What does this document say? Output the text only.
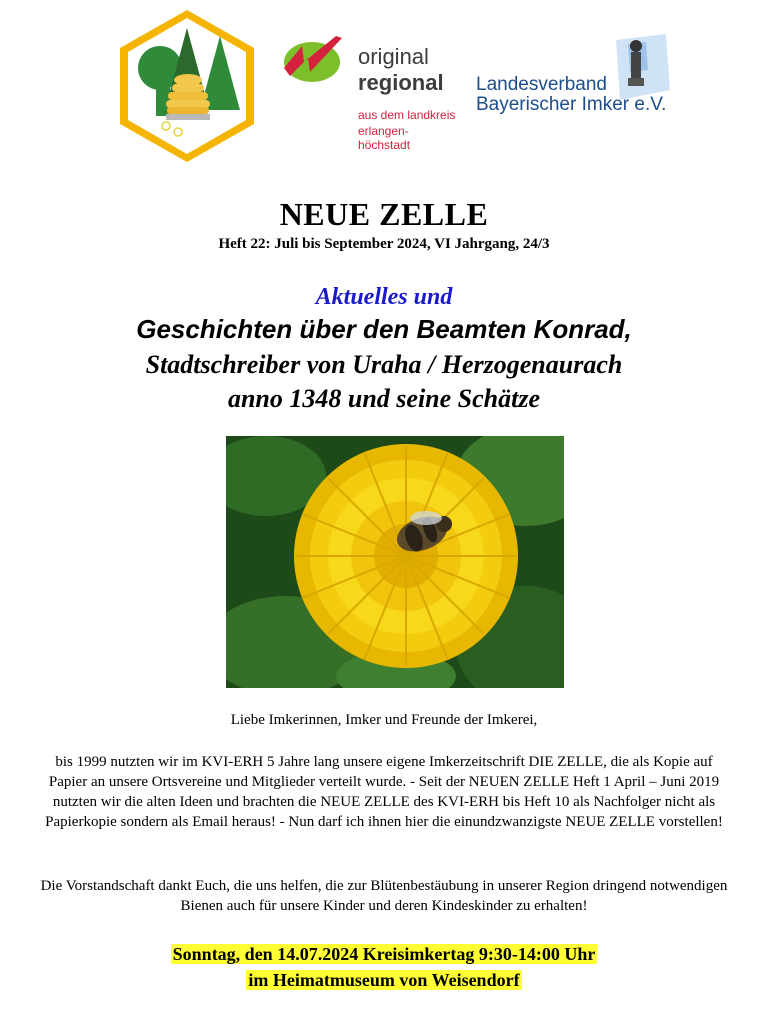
original
regional
aus dem landkreis
erlangen-höchstadt
Landesverband
Bayerischer Imker e.V.
NEUE ZELLE
Heft 22: Juli bis September 2024, VI Jahrgang, 24/3
Aktuelles und
Geschichten über den Beamten Konrad,
Stadtschreiber von Uraha / Herzogenaurach
anno 1348 und seine Schätze
Liebe Imkerinnen, Imker und Freunde der Imkerei,
bis 1999 nutzten wir im KVI-ERH 5 Jahre lang unsere eigene Imkerzeitschrift DIE ZELLE, die als Kopie auf Papier an unsere Ortsvereine und Mitglieder verteilt wurde. - Seit der NEUEN ZELLE Heft 1 April – Juni 2019 nutzten wir die alten Ideen und brachten die NEUE ZELLE des KVI-ERH bis Heft 10 als Nachfolger nicht als Papierkopie sondern als Email heraus! - Nun darf ich ihnen hier die einundzwanzigste NEUE ZELLE vorstellen!
Die Vorstandschaft dankt Euch, die uns helfen, die zur Blütenbestäubung in unserer Region dringend notwendigen Bienen auch für unsere Kinder und deren Kindeskinder zu erhalten!
Sonntag, den 14.07.2024 Kreisimkertag 9:30-14:00 Uhr
im Heimatmuseum von Weisendorf
